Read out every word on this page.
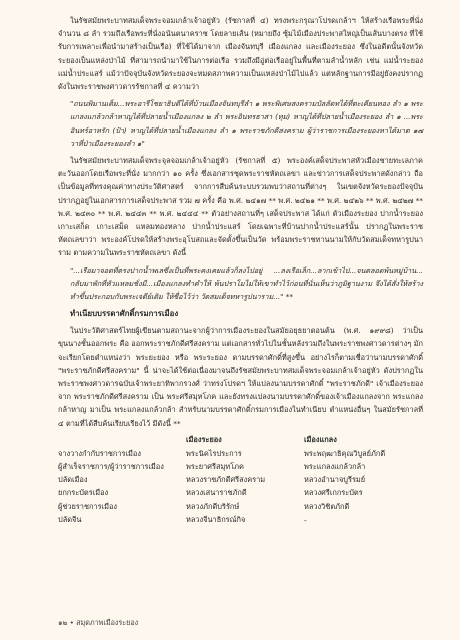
ในรัชสมัยพระบาทสมเด็จพระจอมเกล้าเจ้าอยู่หัว (รัชกาลที่ ๔) ทรงพระกรุณาโปรดเกล้าฯ ให้สร้างเรือพระที่นั่ง จำนวน ๘ ลำ รวมถึงเรือพระที่นั่งอนันตนาคราช โดยลายเส้น (หมายถึง ซุ้มไม้เมืองประพาสใหญ่เป็นเส้นบางตรง ที่ใช้รับการเพลาะเพื่อนำมาสร้างเป็นเรือ) ที่ใช้ได้มาจาก เมืองจันทบุรี เมืองแกลง และเมืองระยอง ซึ่งในอดีตนั้นจังหวัดระยองเป็นแหล่งป่าไม้ ที่สามารถนำมาใช้ในการต่อเรือ รวมถึงมีอู่ต่อเรืออยู่ในพื้นที่ตามลำน้ำหลัก เช่น แม่น้ำระยอง แม่น้ำประแสร์ แม้ว่าปัจจุบันจังหวัดระยองจะหมดสภาพความเป็นแหล่งป่าไม้ไปแล้ว แต่หลักฐานการมีอยู่ยังคงปรากฏ ดังในพระราชพงศาวดารรัชกาลที่ ๔ ความว่า

"ถนนพิมานเต็ม...พระอารีโชยาธิบดีได้ที่บ้านเมืองจันทบุรีลำ ๑ พระพิเศษสงครามบัลลัดทได้ที่ตะเคียนทอง ลำ ๑ พระแกลงแกล้วกล้าหาญได้ที่ปลายน้ำเมืองแกลง ๒ ลำ พระอินทรธาสา (ทุม) หาญได้ที่ปลายน้ำเมืองระยอง ลำ ๑ ...พระอินทร์อาหรัก (ป้า) หาญได้ที่ปลายน้ำเมืองแกลง ลำ ๑ พระราชภักดีสงคราม ผู้ว่าราชการเมืองระยองหาได้มาต ๑๗ วาที่ป่าเมืองระยองลำ ๑"

ในรัชสมัยพระบาทสมเด็จพระจุลจอมเกล้าเจ้าอยู่หัว (รัชกาลที่ ๕) พระองค์เสด็จประพาสหัวเมืองชายทะเลภาคตะวันออกโดยเรือพระที่นั่ง มากกว่า ๑๐ ครั้ง ซึ่งเอกสารชุดพระราชหัตถเลขา และข่าวการเสด็จประพาสดังกล่าว ถือเป็นข้อมูลที่ทรงคุณค่าทางประวัติศาสตร์ จากการสืบค้นระบบรวมพบว่าสถานที่ต่างๆ ในเขตจังหวัดระยองปัจจุบัน ปรากฏอยู่ในเอกสารการเสด็จประพาส รวม ๗ ครั้ง คือ พ.ศ. ๒๔๑๗ ** พ.ศ. ๒๔๒๑ ** พ.ศ. ๒๔๒๖ ** พ.ศ. ๒๔๒๗ ** พ.ศ. ๒๔๓๐ ** พ.ศ. ๒๔๔๓ ** พ.ศ. ๒๔๔๔ ** ตัวอย่างสถานที่ๆ เสด็จประพาส ได้แก่ ตัวเมืองระยอง ปากน้ำระยอง เกาะเสก็ด เกาะเสม็ด แหลมทองหลาง ปากน้ำประแสร์ โดยเฉพาะที่บ้านปากน้ำประแสร์นั้น ปรากฏในพระราชหัตถเลขาว่า พระองค์โปรดให้สร้างพระอุโบสถและจัดตั้งขึ้นเป็นวัด พร้อมพระราชทานนามให้กับวัดสมเด็จทหารูปนาราม ตามความในพระราชหัตถเลขา ดังนี้

"...เรือมาจอดที่ตรงปากน้ำพเลซึ่งเป็นที่พระคงเคยแล้วก็ลงไปอยู่ ...ลงเรือเล็ก...ลากเข้าไป...จนตลอดพ้นหมู่บ้าน... กลับมาพักที่หัวแหลมชั่งมี...เมืองแกลงทำคำให้ พ้นปราโมไม่ให้เขาทำไว้ก่อนที่นั่นเห็นว่าภูมิฐานงาม จึงได้สั่งให้สร้างทำขึ้นประกอบกับพระเจดีย์เดิม ให้ชื่อไว้ว่า วัดสมเด็จทหารูปนาราม..." **
ทำเนียบบรรดาศักดิ์กรมการเมือง

ในประวัติศาสตร์ไทยผู้เขียนตามสถานะจากผู้ว่าการเมืองระยองในสมัยอยุธยาตอนต้น (พ.ศ. ๑๙๙๘) ว่าเป็นขุนนางชั้นออกพระ คือ ออกพระราชภักดีศรีสงคราม แต่เอกสารทั่วไปในชั้นหลังรวมถึงในพระราชพงศาวดารต่างๆ มักจะเรียกโดยตำแหน่งว่า พระยะยอง หรือ พระระยอง ตามบรรดาศักดิ์ที่สูงขึ้น อย่างไรก็ตามเชื่อว่านามบรรดาศักดิ์ "พระราชภักดีศรีสงคราม" นี้ น่าจะได้ใช้ต่อเนื่องมาจนถึงรัชสมัยพระบาทสมเด็จพระจอมเกล้าเจ้าอยู่หัว ดังปรากฏในพระราชพงศาวดารฉบับเจ้าพระยาทิพากรวงศ์ ว่าทรงโปรดฯ ให้แปลงนามบรรดาศักดิ์ "พระราชภักดี" เจ้าเมืองระยองจาก พระราชภักดีศรีสงคราม เป็น พระศรีสมุทโภค และยังทรงแปลงนามบรรดาศักดิ์ของเจ้าเมืองแกลงจาก พระแกลงกล้าหาญ มาเป็น พระแกลงแกล้วกล้า สำหรับนามบรรดาศักดิ์กรมการเมืองในทำเนียบ ตำแหน่งอื่นๆ ในสมัยรัชกาลที่ ๔ ตามที่ได้สืบค้นเรียบเรียงไว้ มีดังนี้ **

	เมืองระยอง	เมืองแกลง
จางวางกำกับราชการเมือง	พระนิคไรประการ	พระพฤฒาธิคุณวิบูลย์ภักดี
ผู้สำเร็จราชการ/ผู้ว่าราชการเมือง	พระยาศรีสมุทโภค	พระแกลงแกล้วกล้า
ปลัดเมือง	หลวงราชภักดีศรีสงคราม	หลวงอำนาจบูรีรมย์
ยกกระบัตรเมือง	หลวงเสนาราชภักดี	หลวงศรีเกกระบัตร
ผู้ช่วยราชการเมือง	หลวงภักดีบริรักษ์	หลวงวิชิตภักดี
ปลัดจีน	หลวงจีนาธิกรณ์กิจ	-
๑๒ • สมุดภาพเมืองระยอง
